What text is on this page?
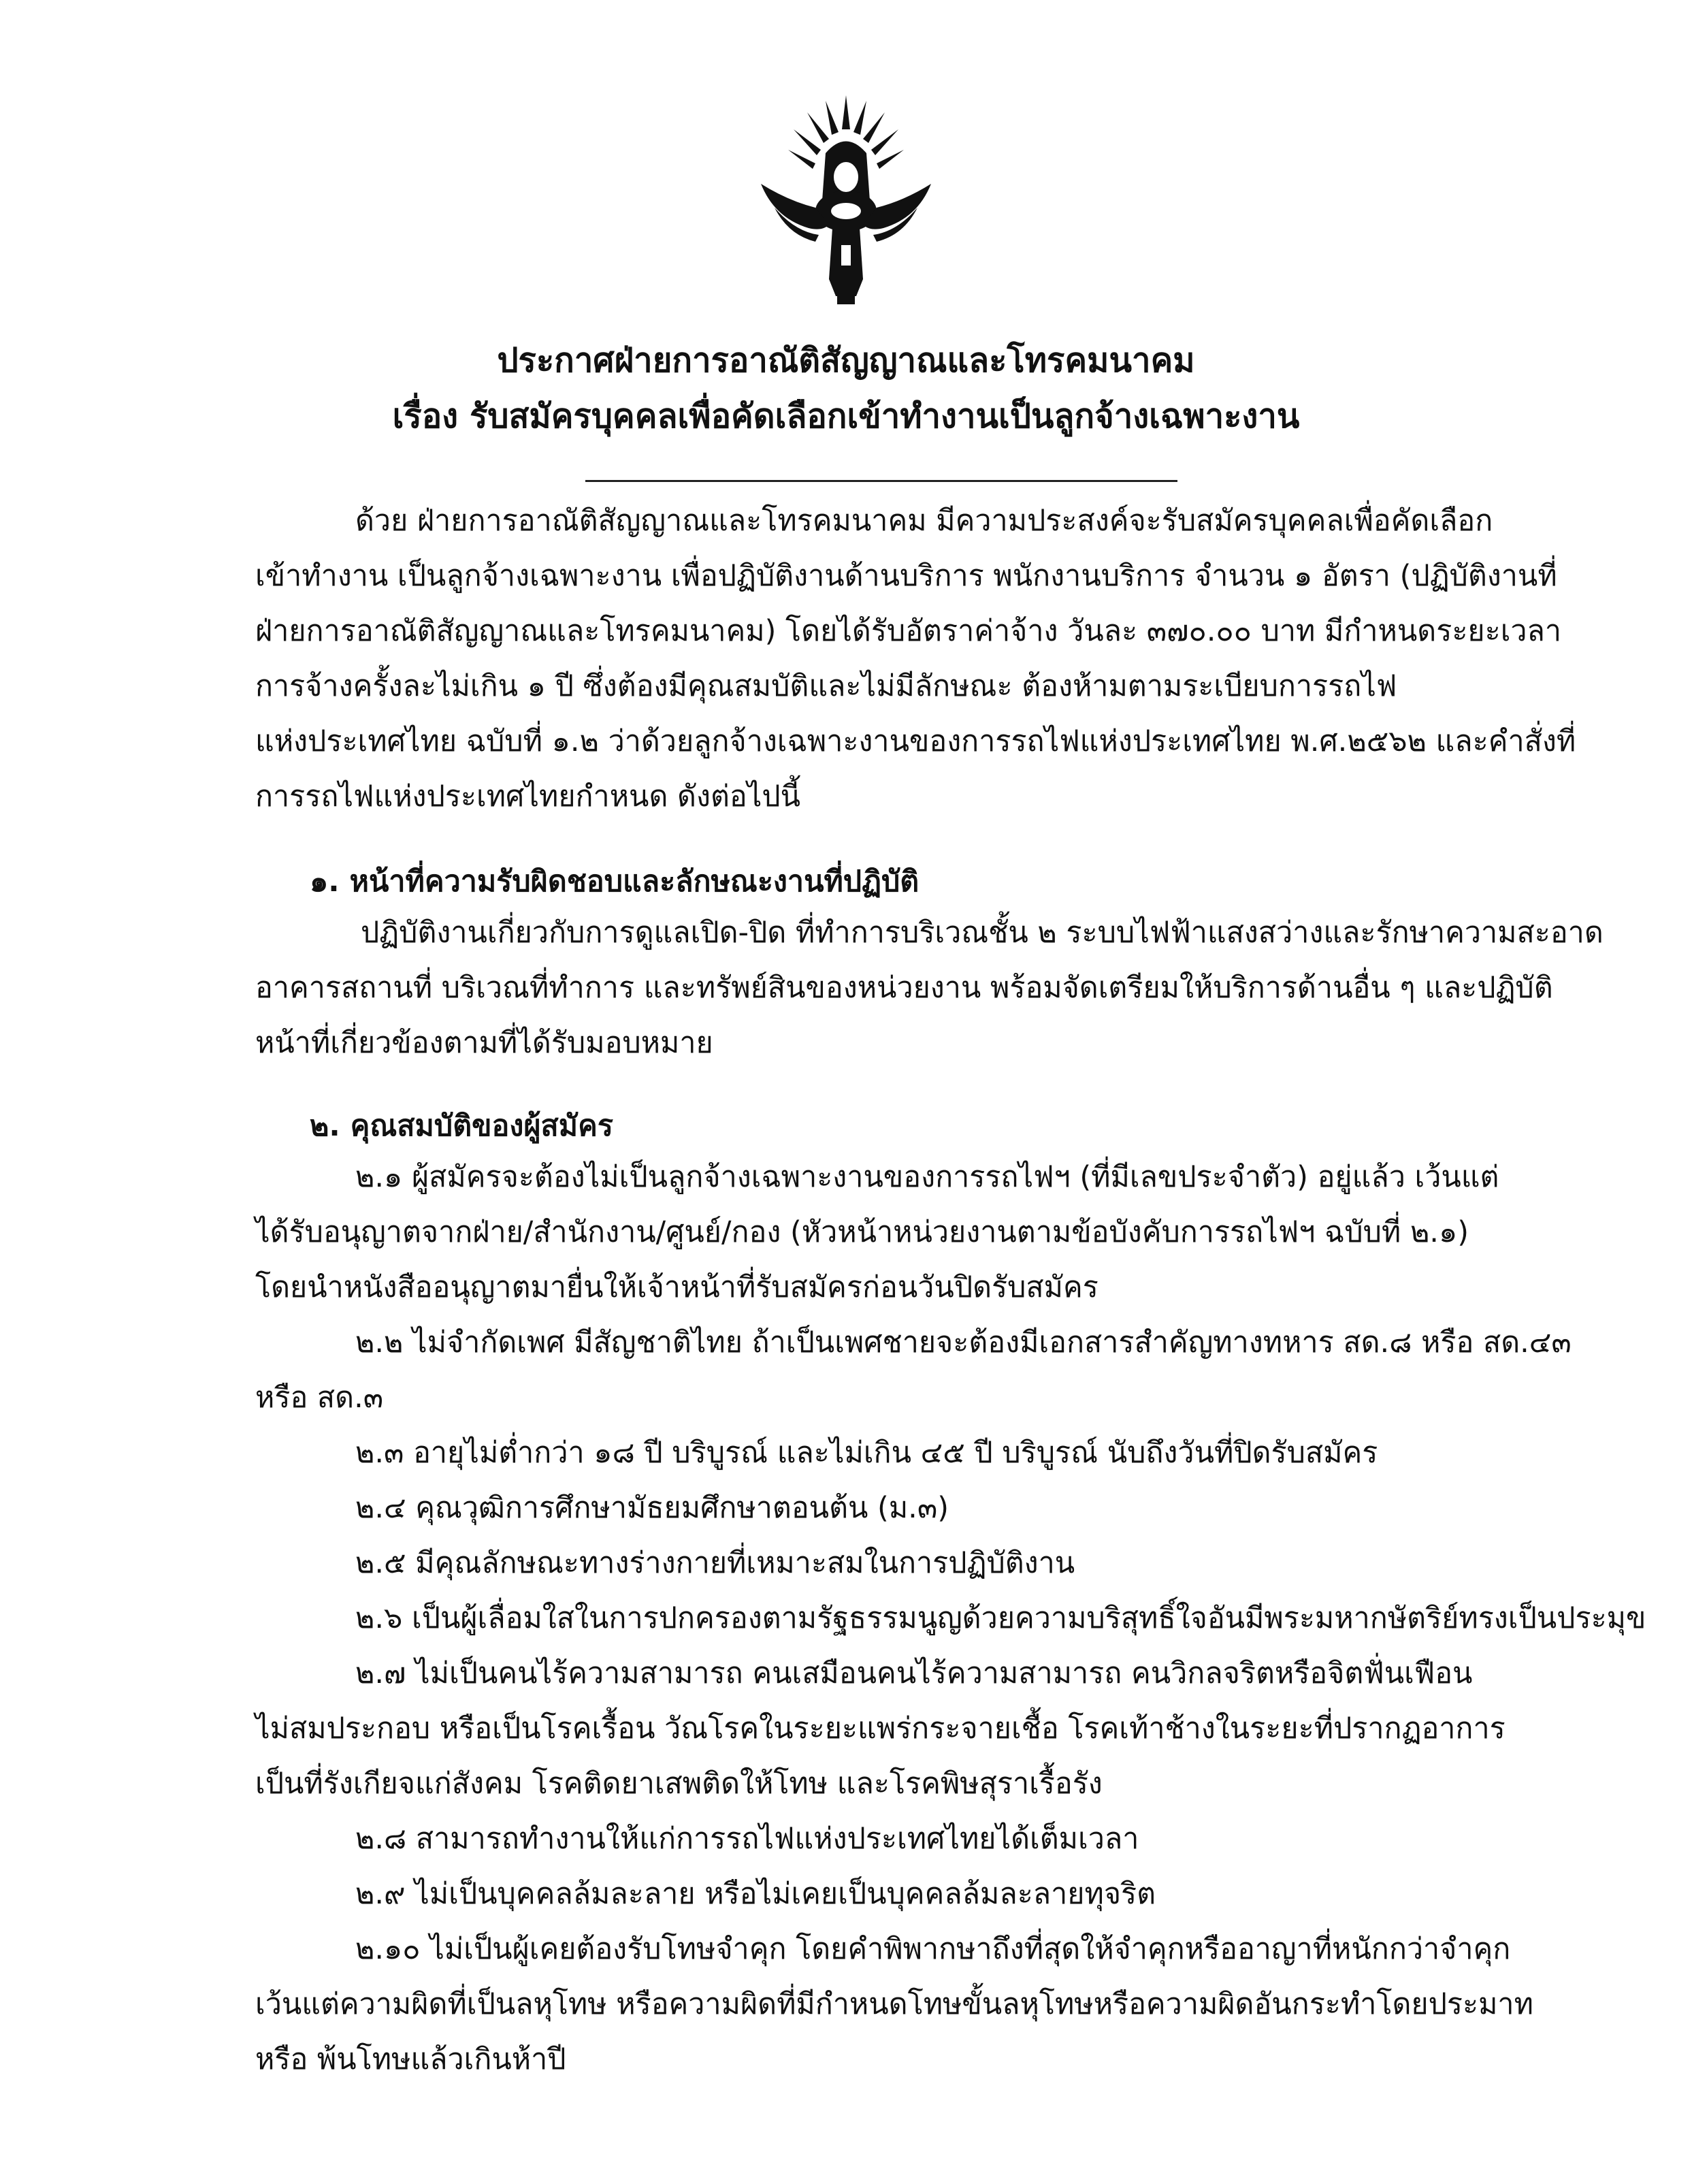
ประกาศฝ่ายการอาณัติสัญญาณและโทรคมนาคม
เรื่อง รับสมัครบุคคลเพื่อคัดเลือกเข้าทำงานเป็นลูกจ้างเฉพาะงาน
ด้วย ฝ่ายการอาณัติสัญญาณและโทรคมนาคม มีความประสงค์จะรับสมัครบุคคลเพื่อคัดเลือก
เข้าทำงาน เป็นลูกจ้างเฉพาะงาน เพื่อปฏิบัติงานด้านบริการ พนักงานบริการ จำนวน ๑ อัตรา (ปฏิบัติงานที่
ฝ่ายการอาณัติสัญญาณและโทรคมนาคม) โดยได้รับอัตราค่าจ้าง วันละ ๓๗๐.๐๐ บาท มีกำหนดระยะเวลา
การจ้างครั้งละไม่เกิน ๑ ปี ซึ่งต้องมีคุณสมบัติและไม่มีลักษณะ ต้องห้ามตามระเบียบการรถไฟ
แห่งประเทศไทย ฉบับที่ ๑.๒ ว่าด้วยลูกจ้างเฉพาะงานของการรถไฟแห่งประเทศไทย พ.ศ.๒๕๖๒ และคำสั่งที่
การรถไฟแห่งประเทศไทยกำหนด ดังต่อไปนี้
๑. หน้าที่ความรับผิดชอบและลักษณะงานที่ปฏิบัติ
ปฏิบัติงานเกี่ยวกับการดูแลเปิด-ปิด ที่ทำการบริเวณชั้น ๒ ระบบไฟฟ้าแสงสว่างและรักษาความสะอาด
อาคารสถานที่ บริเวณที่ทำการ และทรัพย์สินของหน่วยงาน พร้อมจัดเตรียมให้บริการด้านอื่น ๆ และปฏิบัติ
หน้าที่เกี่ยวข้องตามที่ได้รับมอบหมาย
๒. คุณสมบัติของผู้สมัคร
๒.๑ ผู้สมัครจะต้องไม่เป็นลูกจ้างเฉพาะงานของการรถไฟฯ (ที่มีเลขประจำตัว) อยู่แล้ว เว้นแต่
ได้รับอนุญาตจากฝ่าย/สำนักงาน/ศูนย์/กอง (หัวหน้าหน่วยงานตามข้อบังคับการรถไฟฯ ฉบับที่ ๒.๑)
โดยนำหนังสืออนุญาตมายื่นให้เจ้าหน้าที่รับสมัครก่อนวันปิดรับสมัคร
๒.๒ ไม่จำกัดเพศ มีสัญชาติไทย ถ้าเป็นเพศชายจะต้องมีเอกสารสำคัญทางทหาร สด.๘ หรือ สด.๔๓
หรือ สด.๓
๒.๓ อายุไม่ต่ำกว่า ๑๘ ปี บริบูรณ์ และไม่เกิน ๔๕ ปี บริบูรณ์ นับถึงวันที่ปิดรับสมัคร
๒.๔ คุณวุฒิการศึกษามัธยมศึกษาตอนต้น (ม.๓)
๒.๕ มีคุณลักษณะทางร่างกายที่เหมาะสมในการปฏิบัติงาน
๒.๖ เป็นผู้เลื่อมใสในการปกครองตามรัฐธรรมนูญด้วยความบริสุทธิ์ใจอันมีพระมหากษัตริย์ทรงเป็นประมุข
๒.๗ ไม่เป็นคนไร้ความสามารถ คนเสมือนคนไร้ความสามารถ คนวิกลจริตหรือจิตฟั่นเฟือน
ไม่สมประกอบ หรือเป็นโรคเรื้อน วัณโรคในระยะแพร่กระจายเชื้อ โรคเท้าช้างในระยะที่ปรากฏอาการ
เป็นที่รังเกียจแก่สังคม โรคติดยาเสพติดให้โทษ และโรคพิษสุราเรื้อรัง
๒.๘ สามารถทำงานให้แก่การรถไฟแห่งประเทศไทยได้เต็มเวลา
๒.๙ ไม่เป็นบุคคลล้มละลาย หรือไม่เคยเป็นบุคคลล้มละลายทุจริต
๒.๑๐ ไม่เป็นผู้เคยต้องรับโทษจำคุก โดยคำพิพากษาถึงที่สุดให้จำคุกหรืออาญาที่หนักกว่าจำคุก
เว้นแต่ความผิดที่เป็นลหุโทษ หรือความผิดที่มีกำหนดโทษขั้นลหุโทษหรือความผิดอันกระทำโดยประมาท
หรือ พ้นโทษแล้วเกินห้าปี
